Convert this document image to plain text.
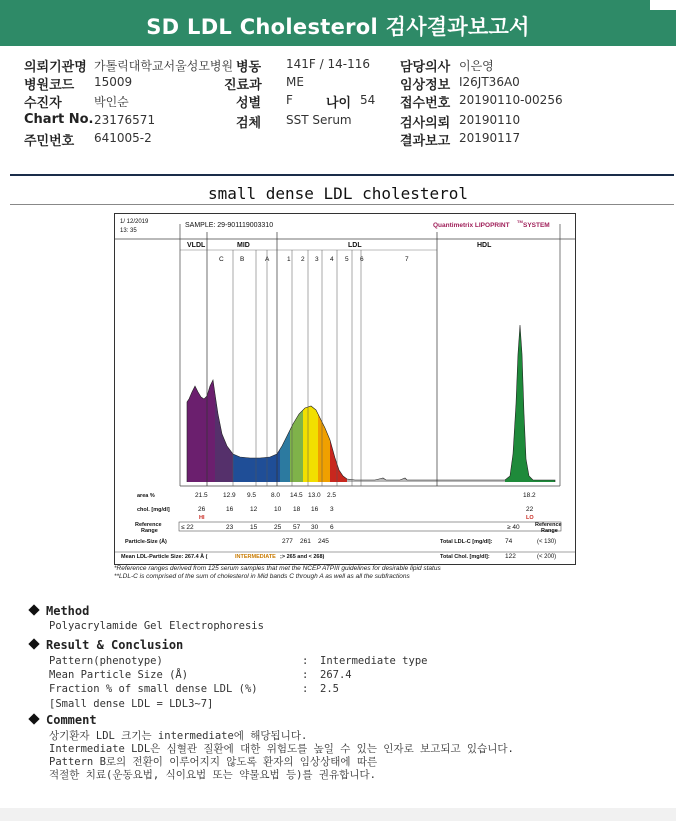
SD LDL Cholesterol 검사결과보고서
의뢰기관명 가톨릭대학교서울성모병원 병동 141F / 14-116 담당의사 이은영
병원코드 15009	진료과 ME	임상정보 I26JT36A0
수진자	박인순	성별 F	나이 54 접수번호 20190110-00256
Chart No. 23176571	검체 SST Serum	검사의뢰 20190110
주민번호 641005-2	결과보고 20190117
small dense LDL cholesterol
1/ 12/2019
13: 35
SAMPLE: 29-901119003310	Quantimetrix LIPOPRINT
TM
SYSTEM
VLDL	MID	LDL	HDL
C	B	A	1 2 3 4 5 6	7
area %	21.5 12.9 9.5 8.0 14.5 13.0 2.5	18.2
chol. [mg/dl]	26	16	12	10 18 16 3	22
HI	LO
Reference
Range	≤ 22	23	15	25 57 30 6	≥ 40	Reference
Range
Particle-Size (Å)	277 261 245	Total LDL-C [mg/dl]: 74	(< 130)
Mean LDL-Particle Size: 267.4 Å (	INTERMEDIATE ;> 265 and < 268)	Total Chol. [mg/dl]: 122	(< 200)
*Reference ranges derived from 125 serum samples that met the NCEP ATPIII guidelines for desirable lipid status
**LDL-C is comprised of the sum of cholesterol in Mid bands C through A as well as all the subfractions
Method
Polyacrylamide Gel Electrophoresis
Result & Conclusion
Pattern(phenotype)	: Intermediate type
Mean Particle Size (Å)	: 267.4
Fraction % of small dense LDL (%)	: 2.5
[Small dense LDL = LDL3~7]
Comment
상기환자 LDL 크기는 intermediate에 해당됩니다.
Intermediate LDL은 심혈관 질환에 대한 위험도를 높일 수 있는 인자로 보고되고 있습니다.
Pattern B로의 전환이 이루어지지 않도록 환자의 임상상태에 따른
적절한 치료(운동요법, 식이요법 또는 약물요법 등)를 권유합니다.
